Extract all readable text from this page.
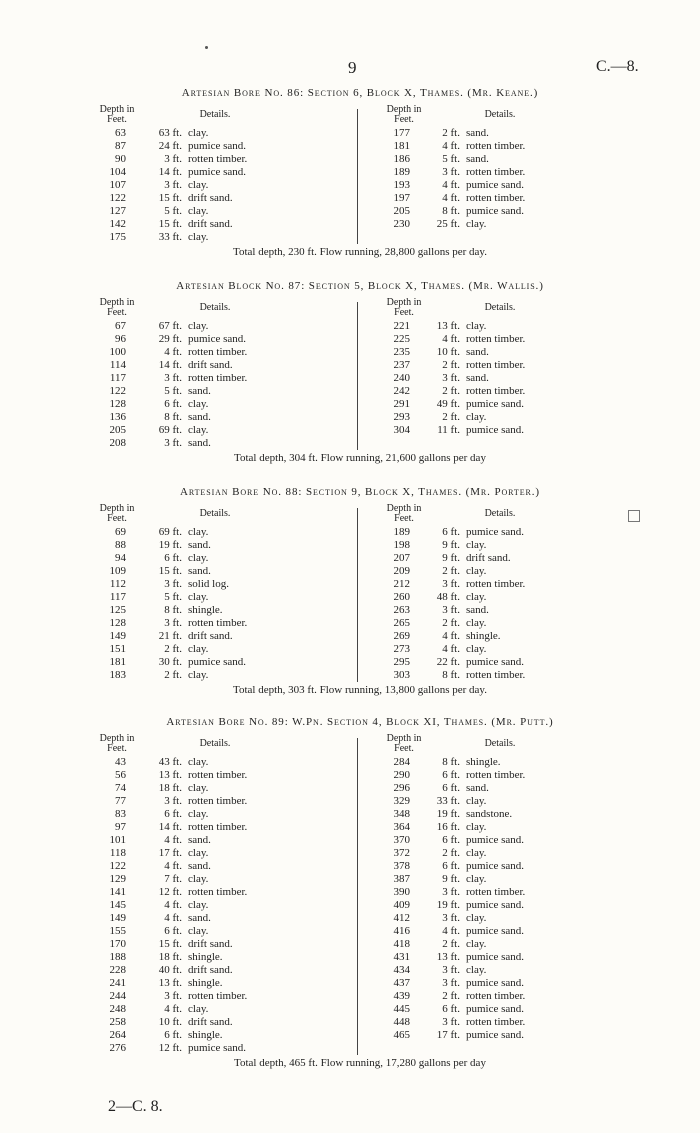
9	C.—8.
Artesian Bore No. 86: Section 6, Block X, Thames. (Mr. Keane.)
Depth in
Feet.	Details.	Depth in
Feet.	Details.
63	63 ft. clay.
87	24 ft. pumice sand.
90	3 ft. rotten timber.
104	14 ft. pumice sand.
107	3 ft. clay.
122	15 ft. drift sand.
127	5 ft. clay.
142	15 ft. drift sand.
175	33 ft. clay.
177	2 ft. sand.
181	4 ft. rotten timber.
186	5 ft. sand.
189	3 ft. rotten timber.
193	4 ft. pumice sand.
197	4 ft. rotten timber.
205	8 ft. pumice sand.
230	25 ft. clay.
Total depth, 230 ft. Flow running, 28,800 gallons per day.
Artesian Block No. 87: Section 5, Block X, Thames. (Mr. Wallis.)
Depth in
Feet.	Details.	Depth in
Feet.	Details.
67	67 ft. clay.
96	29 ft. pumice sand.
100	4 ft. rotten timber.
114	14 ft. drift sand.
117	3 ft. rotten timber.
122	5 ft. sand.
128	6 ft. clay.
136	8 ft. sand.
205	69 ft. clay.
208	3 ft. sand.
221	13 ft. clay.
225	4 ft. rotten timber.
235	10 ft. sand.
237	2 ft. rotten timber.
240	3 ft. sand.
242	2 ft. rotten timber.
291	49 ft. pumice sand.
293	2 ft. clay.
304	11 ft. pumice sand.
Total depth, 304 ft. Flow running, 21,600 gallons per day
Artesian Bore No. 88: Section 9, Block X, Thames. (Mr. Porter.)
Depth in
Feet.	Details.	Depth in
Feet.	Details.
69	69 ft. clay.
88	19 ft. sand.
94	6 ft. clay.
109	15 ft. sand.
112	3 ft. solid log.
117	5 ft. clay.
125	8 ft. shingle.
128	3 ft. rotten timber.
149	21 ft. drift sand.
151	2 ft. clay.
181	30 ft. pumice sand.
183	2 ft. clay.
189	6 ft. pumice sand.
198	9 ft. clay.
207	9 ft. drift sand.
209	2 ft. clay.
212	3 ft. rotten timber.
260	48 ft. clay.
263	3 ft. sand.
265	2 ft. clay.
269	4 ft. shingle.
273	4 ft. clay.
295	22 ft. pumice sand.
303	8 ft. rotten timber.
Total depth, 303 ft. Flow running, 13,800 gallons per day.
Artesian Bore No. 89: W.Pn. Section 4, Block XI, Thames. (Mr. Putt.)
Depth in
Feet.	Details.	Depth in
Feet.	Details.
43	43 ft. clay.
56	13 ft. rotten timber.
74	18 ft. clay.
77	3 ft. rotten timber.
83	6 ft. clay.
97	14 ft. rotten timber.
101	4 ft. sand.
118	17 ft. clay.
122	4 ft. sand.
129	7 ft. clay.
141	12 ft. rotten timber.
145	4 ft. clay.
149	4 ft. sand.
155	6 ft. clay.
170	15 ft. drift sand.
188	18 ft. shingle.
228	40 ft. drift sand.
241	13 ft. shingle.
244	3 ft. rotten timber.
248	4 ft. clay.
258	10 ft. drift sand.
264	6 ft. shingle.
276	12 ft. pumice sand.
284	8 ft. shingle.
290	6 ft. rotten timber.
296	6 ft. sand.
329	33 ft. clay.
348	19 ft. sandstone.
364	16 ft. clay.
370	6 ft. pumice sand.
372	2 ft. clay.
378	6 ft. pumice sand.
387	9 ft. clay.
390	3 ft. rotten timber.
409	19 ft. pumice sand.
412	3 ft. clay.
416	4 ft. pumice sand.
418	2 ft. clay.
431	13 ft. pumice sand.
434	3 ft. clay.
437	3 ft. pumice sand.
439	2 ft. rotten timber.
445	6 ft. pumice sand.
448	3 ft. rotten timber.
465	17 ft. pumice sand.
Total depth, 465 ft. Flow running, 17,280 gallons per day
2—C. 8.
